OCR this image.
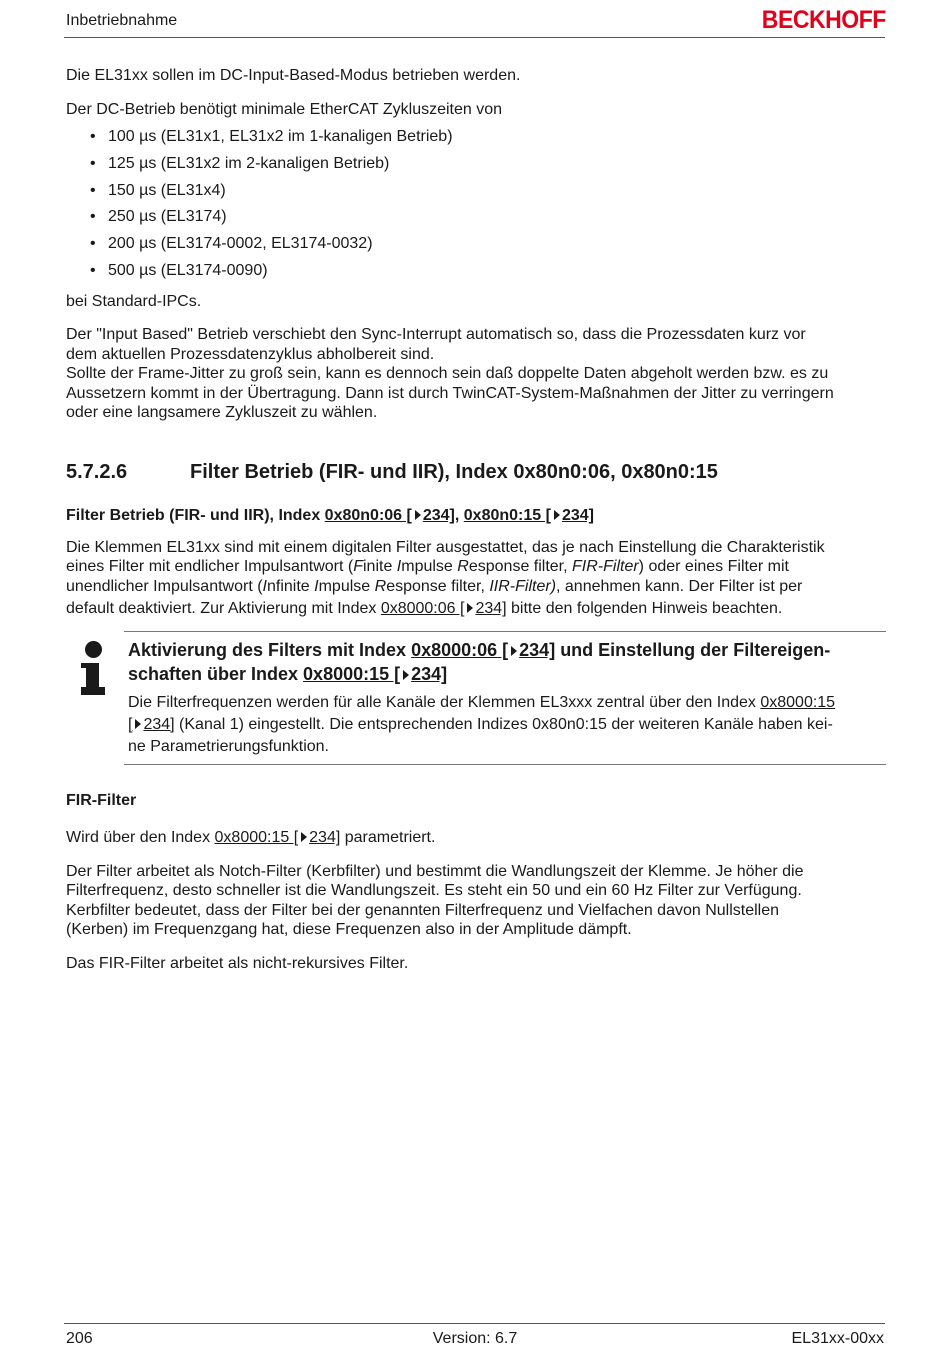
Inbetriebnahme	BECKHOFF

Die EL31xx sollen im DC-Input-Based-Modus betrieben werden.

Der DC-Betrieb benötigt minimale EtherCAT Zykluszeiten von

• 100 µs (EL31x1, EL31x2 im 1-kanaligen Betrieb)
• 125 µs (EL31x2 im 2-kanaligen Betrieb)
• 150 µs (EL31x4)
• 250 µs (EL3174)
• 200 µs (EL3174-0002, EL3174-0032)
• 500 µs (EL3174-0090)

bei Standard-IPCs.

Der "Input Based" Betrieb verschiebt den Sync-Interrupt automatisch so, dass die Prozessdaten kurz vor

dem aktuellen Prozessdatenzyklus abholbereit sind.

Sollte der Frame-Jitter zu groß sein, kann es dennoch sein daß doppelte Daten abgeholt werden bzw. es zu

Aussetzern kommt in der Übertragung. Dann ist durch TwinCAT-System-Maßnahmen der Jitter zu verringern

oder eine langsamere Zykluszeit zu wählen.

5.7.2.6	Filter Betrieb (FIR- und IIR), Index 0x80n0:06, 0x80n0:15
Filter Betrieb (FIR- und IIR), Index 0x80n0:06 [ 234], 0x80n0:15 [ 234]

Die Klemmen EL31xx sind mit einem digitalen Filter ausgestattet, das je nach Einstellung die Charakteristik

eines Filter mit endlicher Impulsantwort (Finite Impulse Response filter, FIR-Filter) oder eines Filter mit

unendlicher Impulsantwort (Infinite Impulse Response filter, IIR-Filter), annehmen kann. Der Filter ist per

default deaktiviert. Zur Aktivierung mit Index 0x8000:06 [ 234] bitte den folgenden Hinweis beachten.

Aktivierung des Filters mit Index 0x8000:06 [ 234] und Einstellung der Filtereigen-
schaften über Index 0x8000:15 [ 234]
Die Filterfrequenzen werden für alle Kanäle der Klemmen EL3xxx zentral über den Index 0x8000:15
[ 234] (Kanal 1) eingestellt. Die entsprechenden Indizes 0x80n0:15 der weiteren Kanäle haben kei-
ne Parametrierungsfunktion.
FIR-Filter

Wird über den Index 0x8000:15 [ 234] parametriert.

Der Filter arbeitet als Notch-Filter (Kerbfilter) und bestimmt die Wandlungszeit der Klemme. Je höher die

Filterfrequenz, desto schneller ist die Wandlungszeit. Es steht ein 50 und ein 60 Hz Filter zur Verfügung.

Kerbfilter bedeutet, dass der Filter bei der genannten Filterfrequenz und Vielfachen davon Nullstellen

(Kerben) im Frequenzgang hat, diese Frequenzen also in der Amplitude dämpft.

Das FIR-Filter arbeitet als nicht-rekursives Filter.

206	Version: 6.7	EL31xx-00xx
